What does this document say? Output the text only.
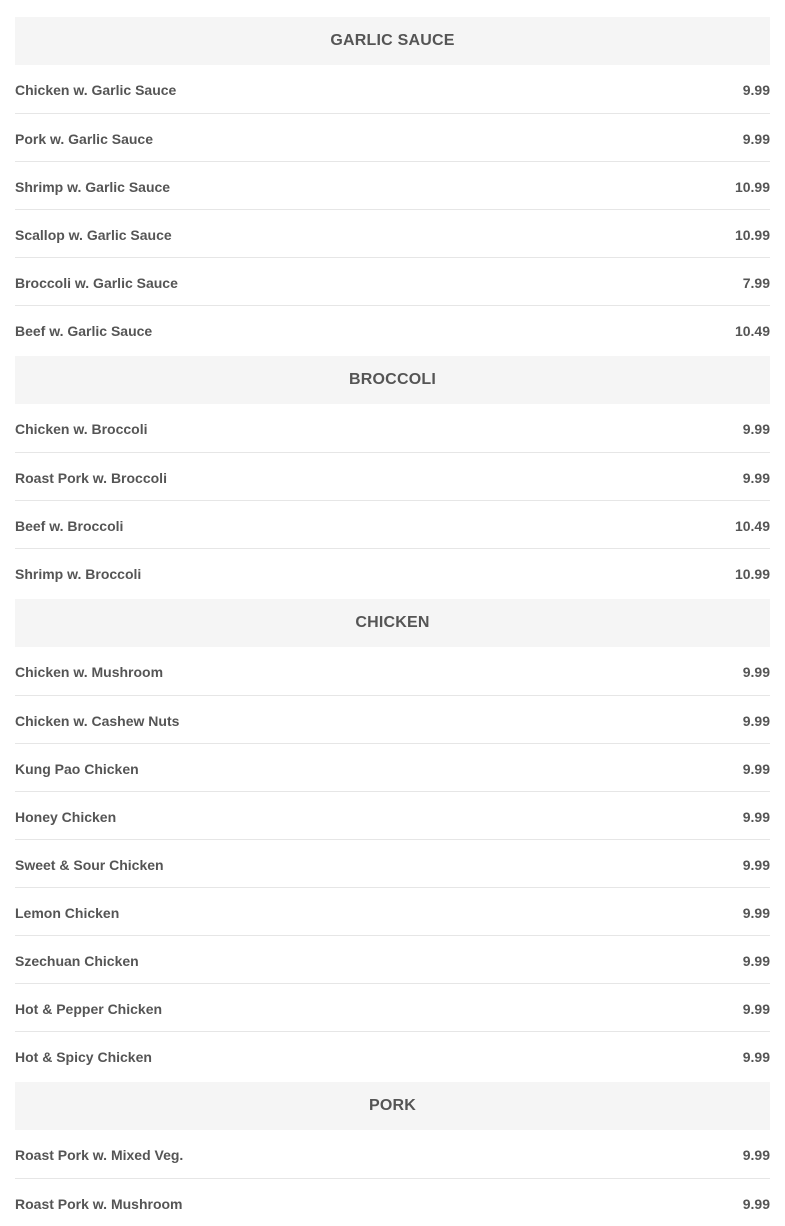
GARLIC SAUCE
Chicken w. Garlic Sauce	9.99
Pork w. Garlic Sauce	9.99
Shrimp w. Garlic Sauce	10.99
Scallop w. Garlic Sauce	10.99
Broccoli w. Garlic Sauce	7.99
Beef w. Garlic Sauce	10.49
BROCCOLI
Chicken w. Broccoli	9.99
Roast Pork w. Broccoli	9.99
Beef w. Broccoli	10.49
Shrimp w. Broccoli	10.99
CHICKEN
Chicken w. Mushroom	9.99
Chicken w. Cashew Nuts	9.99
Kung Pao Chicken	9.99
Honey Chicken	9.99
Sweet & Sour Chicken	9.99
Lemon Chicken	9.99
Szechuan Chicken	9.99
Hot & Pepper Chicken	9.99
Hot & Spicy Chicken	9.99
PORK
Roast Pork w. Mixed Veg.	9.99
Roast Pork w. Mushroom	9.99
